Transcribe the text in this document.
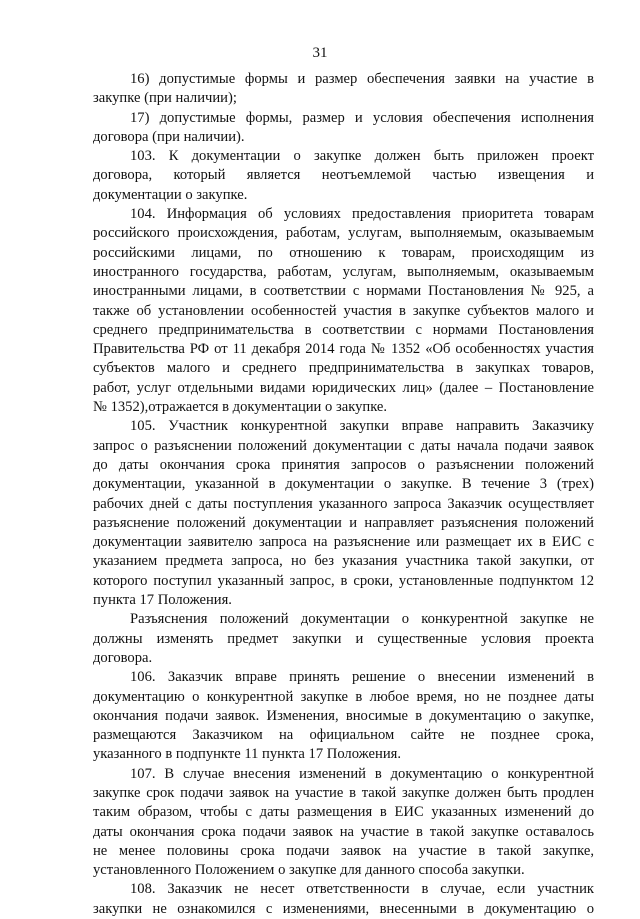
31
16) допустимые формы и размер обеспечения заявки на участие в
закупке (при наличии);
17) допустимые формы, размер и условия обеспечения исполнения
договора (при наличии).
103. К документации о закупке должен быть приложен проект
договора, который является неотъемлемой частью извещения и
документации о закупке.
104. Информация об условиях предоставления приоритета товарам
российского происхождения, работам, услугам, выполняемым, оказываемым
российскими лицами, по отношению к товарам, происходящим из
иностранного государства, работам, услугам, выполняемым, оказываемым
иностранными лицами, в соответствии с нормами Постановления № 925, а
также об установлении особенностей участия в закупке субъектов малого и
среднего предпринимательства в соответствии с нормами Постановления
Правительства РФ от 11 декабря 2014 года № 1352 «Об особенностях участия
субъектов малого и среднего предпринимательства в закупках товаров,
работ, услуг отдельными видами юридических лиц» (далее – Постановление
№ 1352),отражается в документации о закупке.
105. Участник конкурентной закупки вправе направить Заказчику
запрос о разъяснении положений документации с даты начала подачи заявок
до даты окончания срока принятия запросов о разъяснении положений
документации, указанной в документации о закупке. В течение 3 (трех)
рабочих дней с даты поступления указанного запроса Заказчик осуществляет
разъяснение положений документации и направляет разъяснения положений
документации заявителю запроса на разъяснение или размещает их в ЕИС с
указанием предмета запроса, но без указания участника такой закупки, от
которого поступил указанный запрос, в сроки, установленные подпунктом 12
пункта 17 Положения.
Разъяснения положений документации о конкурентной закупке не
должны изменять предмет закупки и существенные условия проекта
договора.
106. Заказчик вправе принять решение о внесении изменений в
документацию о конкурентной закупке в любое время, но не позднее даты
окончания подачи заявок. Изменения, вносимые в документацию о закупке,
размещаются Заказчиком на официальном сайте не позднее срока,
указанного в подпункте 11 пункта 17 Положения.
107. В случае внесения изменений в документацию о конкурентной
закупке срок подачи заявок на участие в такой закупке должен быть продлен
таким образом, чтобы с даты размещения в ЕИС указанных изменений до
даты окончания срока подачи заявок на участие в такой закупке оставалось
не менее половины срока подачи заявок на участие в такой закупке,
установленного Положением о закупке для данного способа закупки.
108. Заказчик не несет ответственности в случае, если участник
закупки не ознакомился с изменениями, внесенными в документацию о
